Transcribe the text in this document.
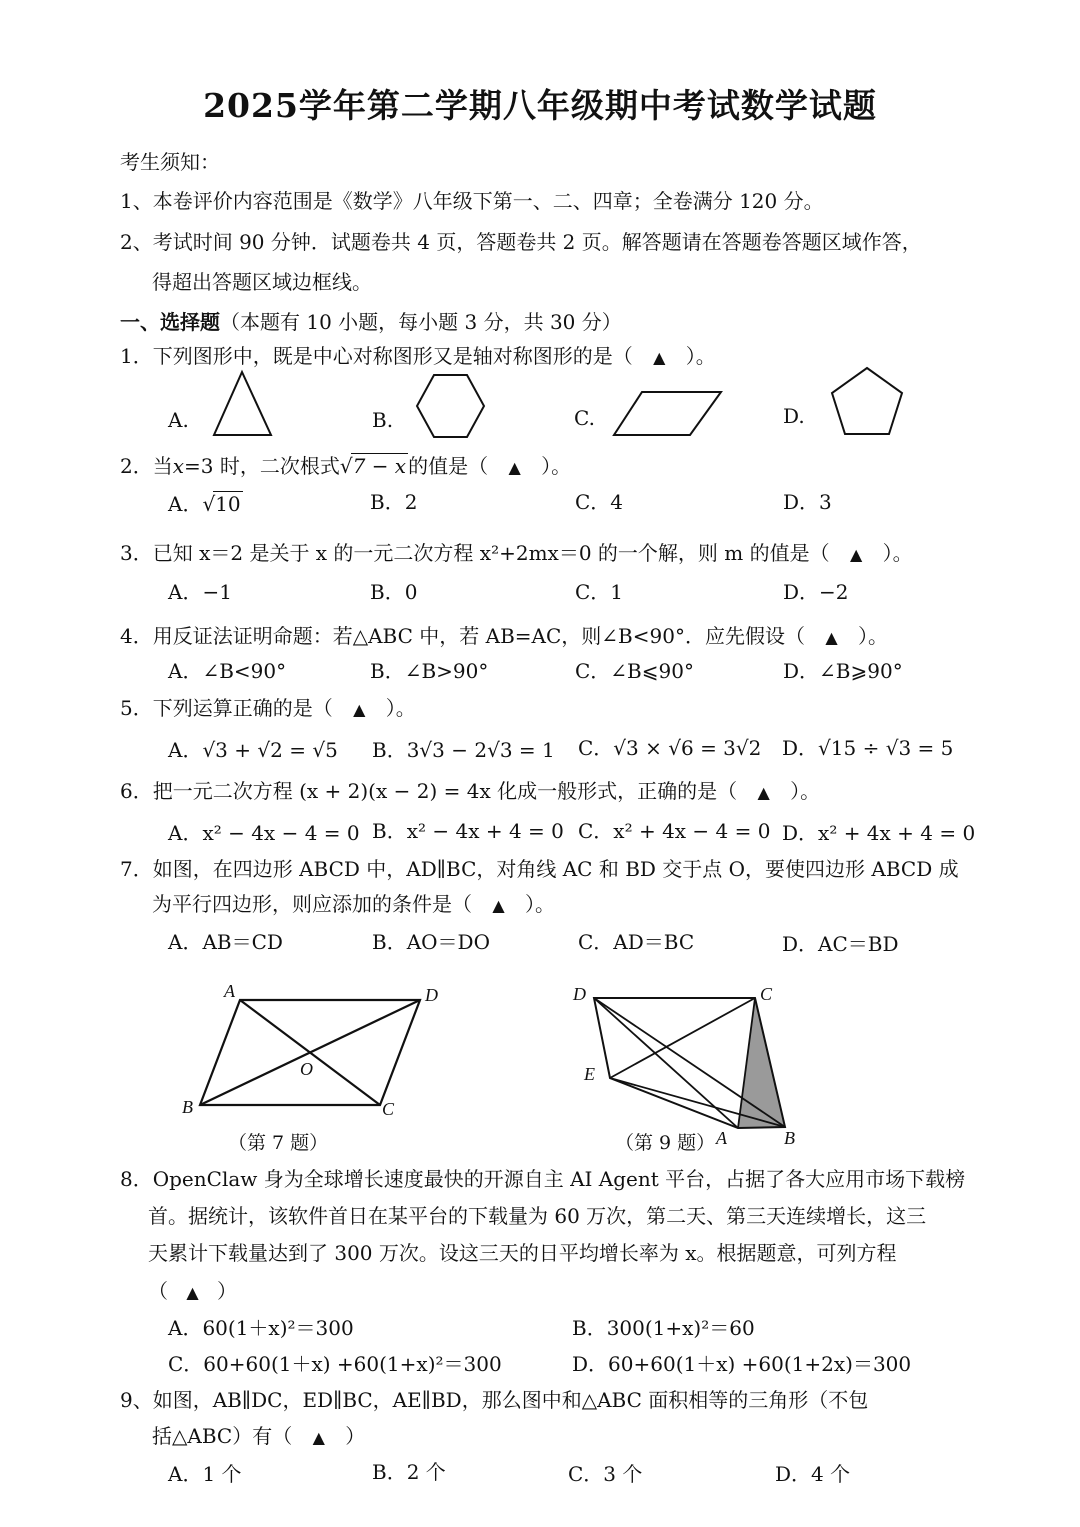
2025学年第二学期八年级期中考试数学试题
考生须知：
1、本卷评价内容范围是《数学》八年级下第一、二、四章；全卷满分 120 分。
2、考试时间 90 分钟．试题卷共 4 页，答题卷共 2 页。解答题请在答题卷答题区域作答，
得超出答题区域边框线。
一、选择题（本题有 10 小题，每小题 3 分，共 30 分）
1．下列图形中，既是中心对称图形又是轴对称图形的是（ ▲ ）。
A.	B.	C.	D.
2．当x=3 时，二次根式√7 − x 的值是（ ▲ ）。
A．√10	B．2	C．4	D．3
3．已知 x＝2 是关于 x 的一元二次方程 x²+2mx＝0 的一个解，则 m 的值是（ ▲ ）。
A．−1	B．0	C．1	D．−2
4．用反证法证明命题：若△ABC 中，若 AB=AC，则∠B<90°．应先假设（ ▲ ）。
A．∠B<90°	B．∠B>90°	C．∠B⩽90°	D．∠B⩾90°
5．下列运算正确的是（ ▲ ）。
A．√3 + √2 = √5 B．3√3 − 2√3 = 1 C．√3 × √6 = 3√2 D．√15 ÷ √3 = 5
6．把一元二次方程 (x + 2)(x − 2) = 4x 化成一般形式，正确的是（ ▲ ）。
A．x² − 4x − 4 = 0 B．x² − 4x + 4 = 0 C．x² + 4x − 4 = 0 D．x² + 4x + 4 = 0
7．如图，在四边形 ABCD 中，AD∥BC，对角线 AC 和 BD 交于点 O，要使四边形 ABCD 成
为平行四边形，则应添加的条件是（ ▲ ）。
A．AB＝CD	B．AO＝DO	C．AD＝BC	D．AC＝BD
A	D
B	C
O
（第 7 题）
D	C
E
A	B
（第 9 题）
8．OpenClaw 身为全球增长速度最快的开源自主 AI Agent 平台，占据了各大应用市场下载榜
首。据统计，该软件首日在某平台的下载量为 60 万次，第二天、第三天连续增长，这三
天累计下载量达到了 300 万次。设这三天的日平均增长率为 x。根据题意，可列方程
（ ▲ ）
A．60(1＋x)²＝300	B．300(1+x)²＝60
C．60+60(1＋x) +60(1+x)²＝300	D．60+60(1＋x) +60(1+2x)＝300
9、如图，AB∥DC，ED∥BC，AE∥BD，那么图中和△ABC 面积相等的三角形（不包
括△ABC）有（ ▲ ）
A．1 个	B．2 个	C．3 个	D．4 个
